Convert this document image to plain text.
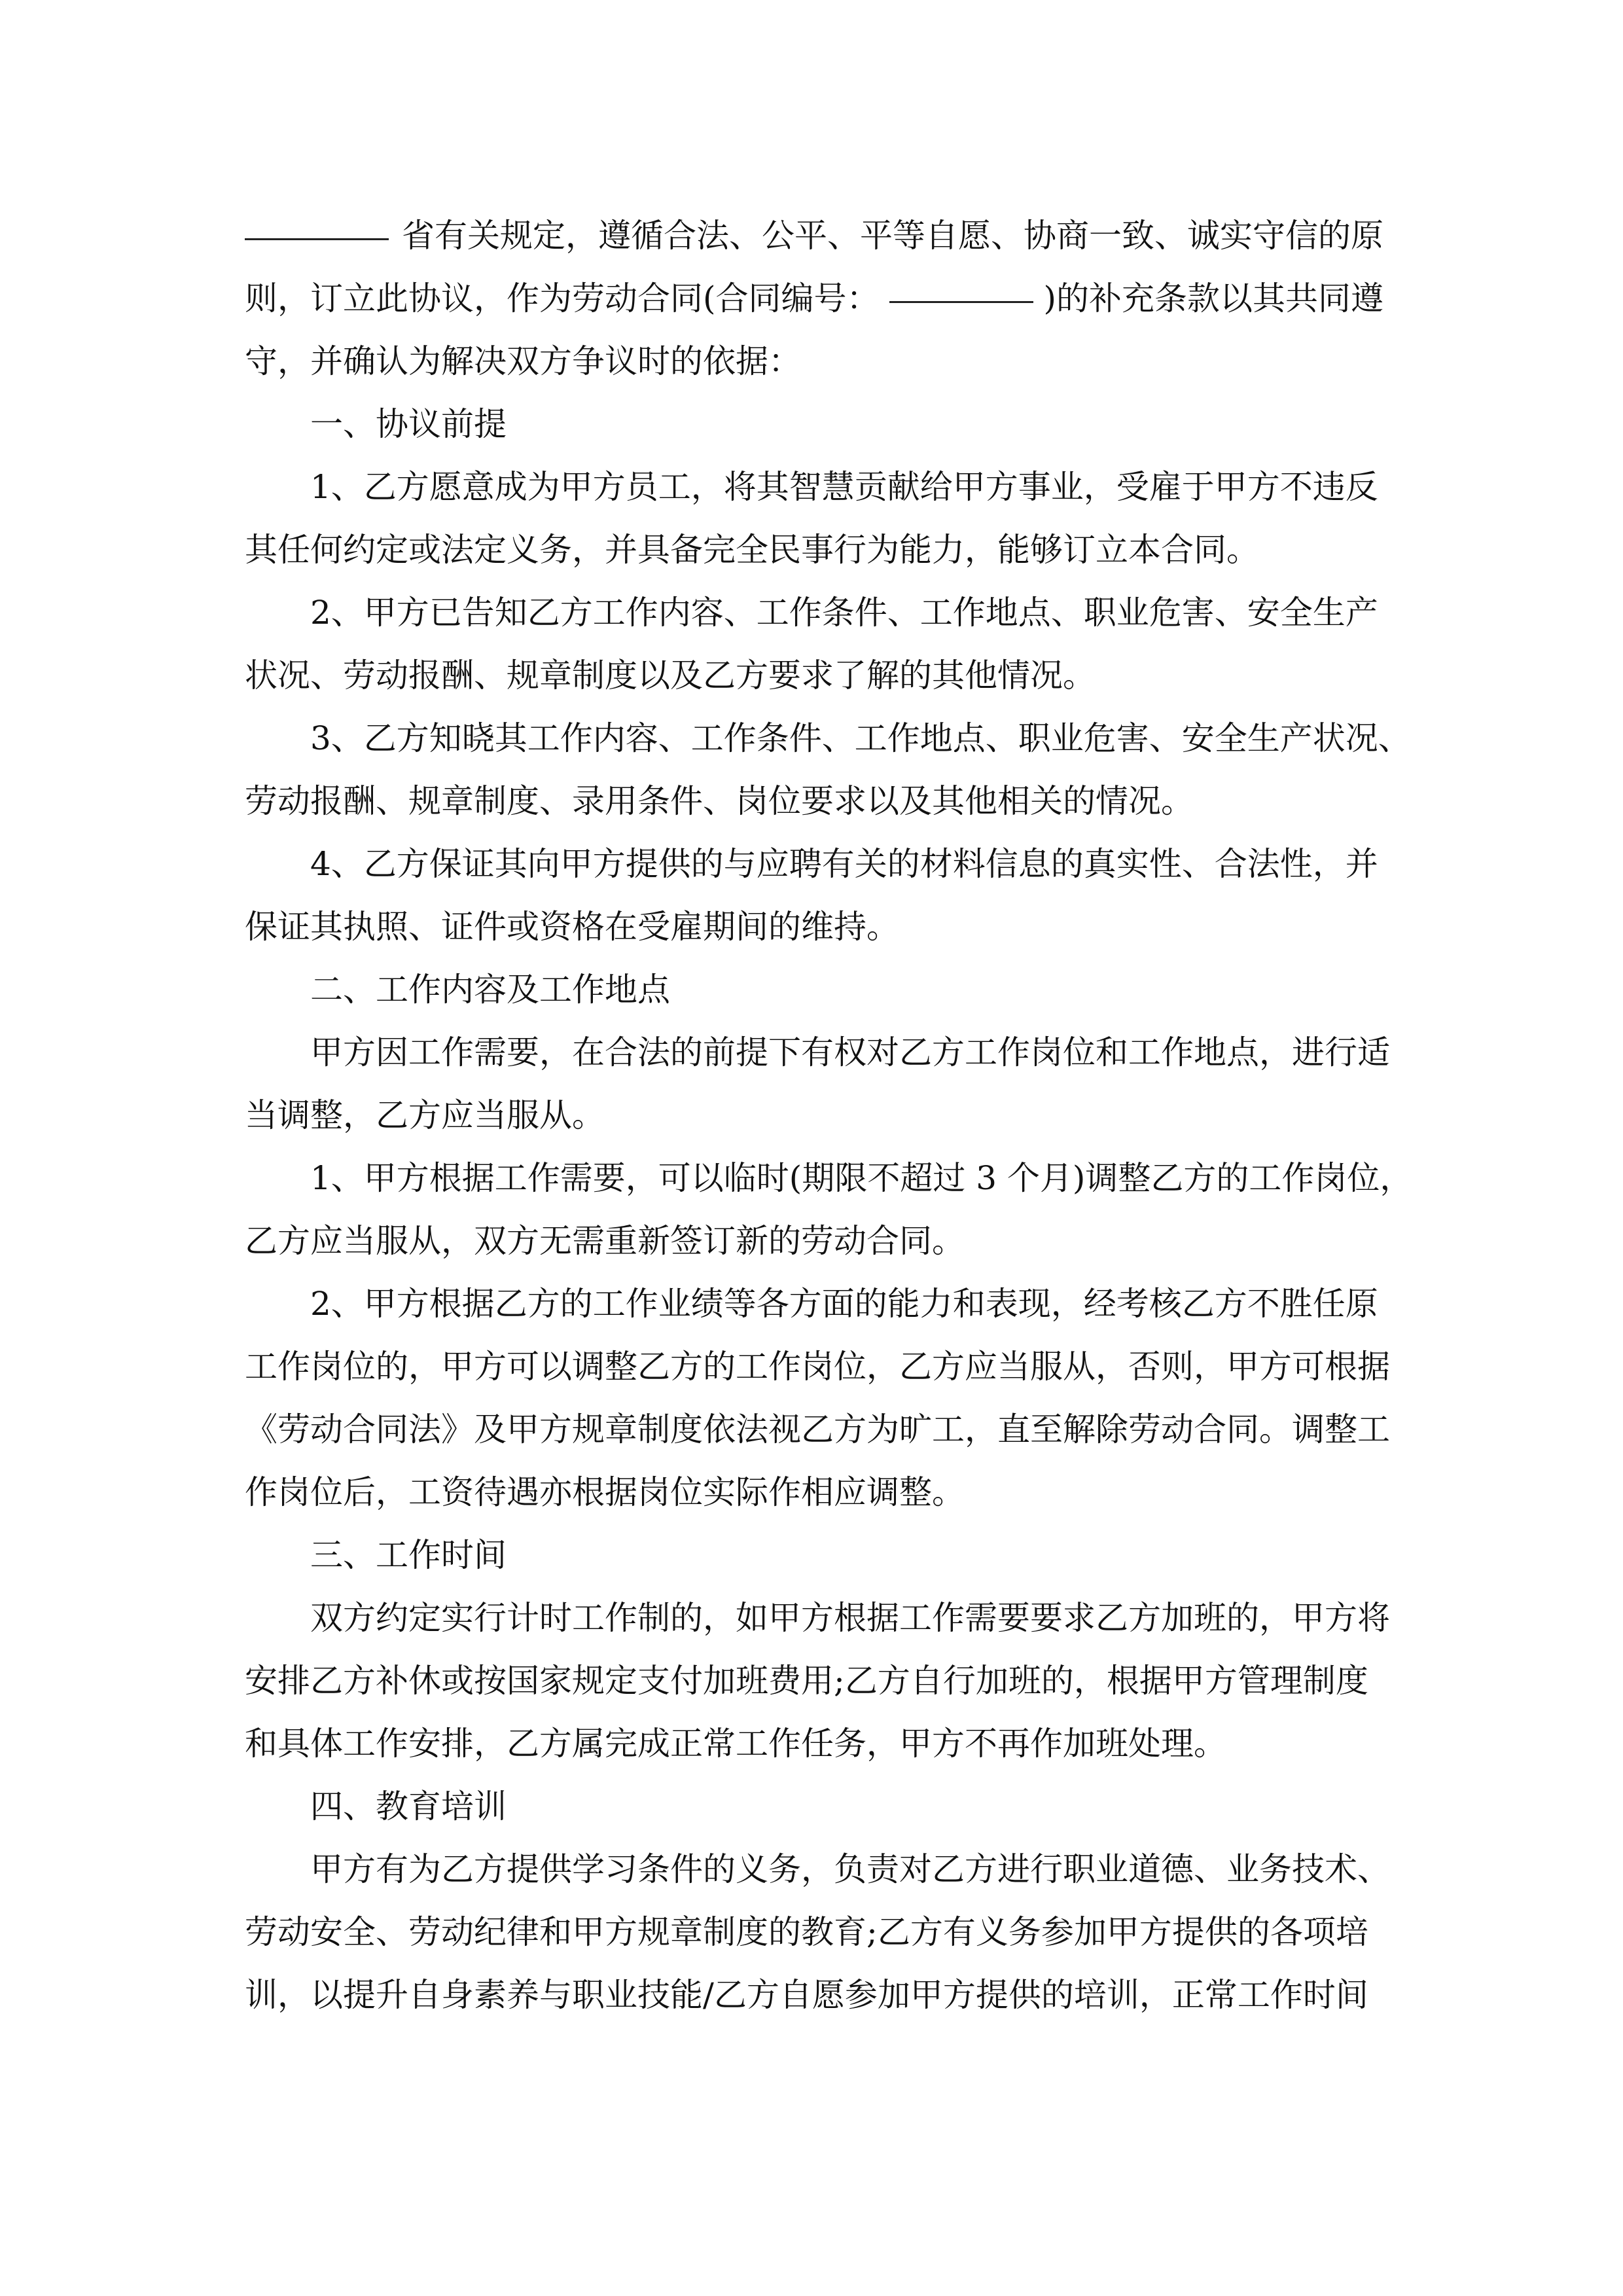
省有关规定，遵循合法、公平、平等自愿、协商一致、诚实守信的原
则，订立此协议，作为劳动合同(合同编号：	)的补充条款以其共同遵
守，并确认为解决双方争议时的依据：
一、协议前提
1、乙方愿意成为甲方员工，将其智慧贡献给甲方事业，受雇于甲方不违反
其任何约定或法定义务，并具备完全民事行为能力，能够订立本合同。
2、甲方已告知乙方工作内容、工作条件、工作地点、职业危害、安全生产
状况、劳动报酬、规章制度以及乙方要求了解的其他情况。
3、乙方知晓其工作内容、工作条件、工作地点、职业危害、安全生产状况、
劳动报酬、规章制度、录用条件、岗位要求以及其他相关的情况。
4、乙方保证其向甲方提供的与应聘有关的材料信息的真实性、合法性，并
保证其执照、证件或资格在受雇期间的维持。
二、工作内容及工作地点
甲方因工作需要，在合法的前提下有权对乙方工作岗位和工作地点，进行适
当调整，乙方应当服从。
1、甲方根据工作需要，可以临时(期限不超过 3 个月)调整乙方的工作岗位，
乙方应当服从，双方无需重新签订新的劳动合同。
2、甲方根据乙方的工作业绩等各方面的能力和表现，经考核乙方不胜任原
工作岗位的，甲方可以调整乙方的工作岗位，乙方应当服从，否则，甲方可根据
《劳动合同法》及甲方规章制度依法视乙方为旷工，直至解除劳动合同。调整工
作岗位后，工资待遇亦根据岗位实际作相应调整。
三、工作时间
双方约定实行计时工作制的，如甲方根据工作需要要求乙方加班的，甲方将
安排乙方补休或按国家规定支付加班费用;乙方自行加班的，根据甲方管理制度
和具体工作安排，乙方属完成正常工作任务，甲方不再作加班处理。
四、教育培训
甲方有为乙方提供学习条件的义务，负责对乙方进行职业道德、业务技术、
劳动安全、劳动纪律和甲方规章制度的教育;乙方有义务参加甲方提供的各项培
训，以提升自身素养与职业技能/乙方自愿参加甲方提供的培训，正常工作时间
